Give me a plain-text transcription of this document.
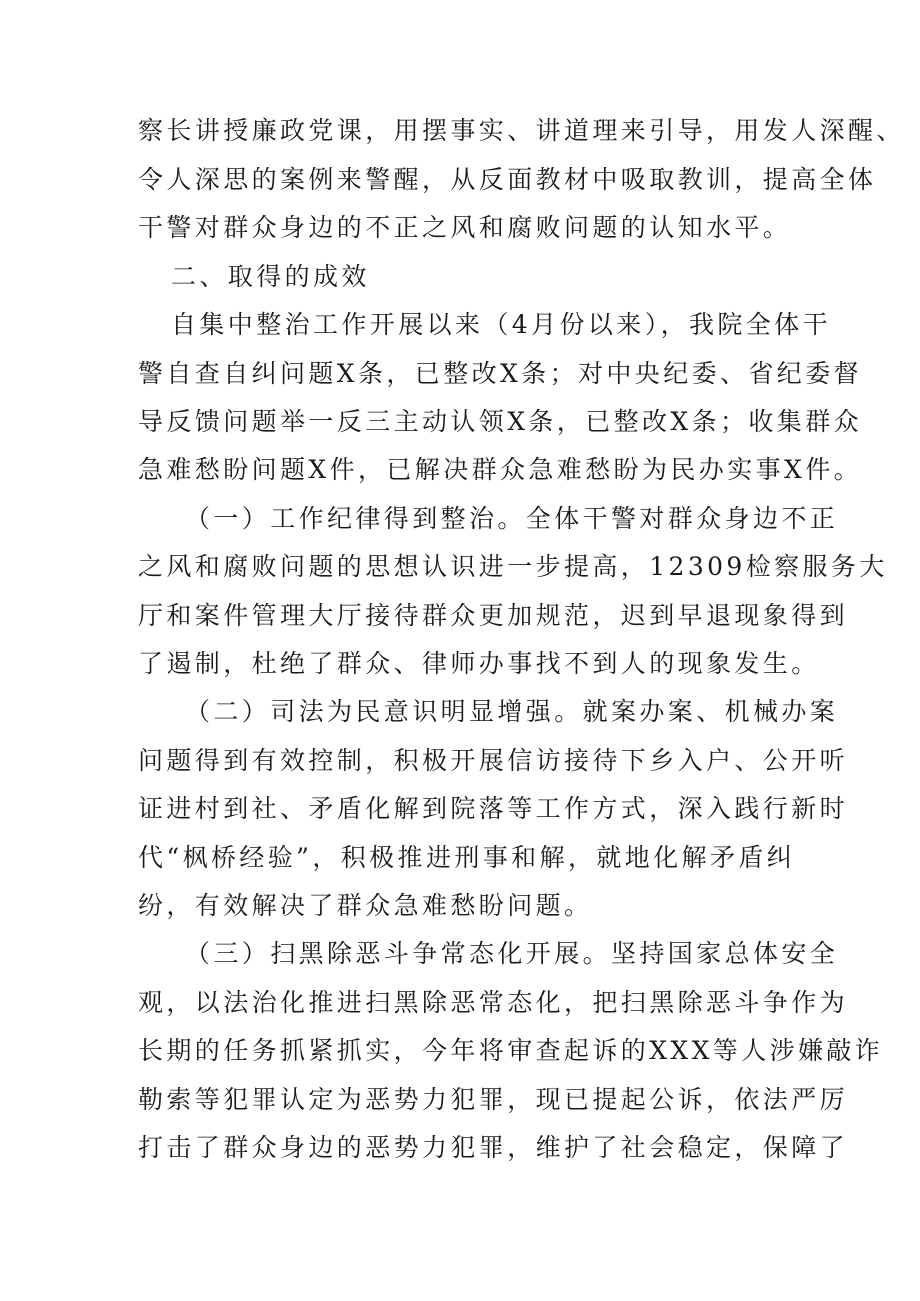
察长讲授廉政党课，用摆事实、讲道理来引导，用发人深醒、
令人深思的案例来警醒，从反面教材中吸取教训，提高全体
干警对群众身边的不正之风和腐败问题的认知水平。
二、取得的成效
自集中整治工作开展以来（4月份以来），我院全体干
警自查自纠问题X条，已整改X条；对中央纪委、省纪委督
导反馈问题举一反三主动认领X条，已整改X条；收集群众
急难愁盼问题X件，已解决群众急难愁盼为民办实事X件。
（一）工作纪律得到整治。全体干警对群众身边不正
之风和腐败问题的思想认识进一步提高，12309检察服务大
厅和案件管理大厅接待群众更加规范，迟到早退现象得到
了遏制，杜绝了群众、律师办事找不到人的现象发生。
（二）司法为民意识明显增强。就案办案、机械办案
问题得到有效控制，积极开展信访接待下乡入户、公开听
证进村到社、矛盾化解到院落等工作方式，深入践行新时
代“枫桥经验”，积极推进刑事和解，就地化解矛盾纠
纷，有效解决了群众急难愁盼问题。
（三）扫黑除恶斗争常态化开展。坚持国家总体安全
观，以法治化推进扫黑除恶常态化，把扫黑除恶斗争作为
长期的任务抓紧抓实，今年将审查起诉的XXX等人涉嫌敲诈
勒索等犯罪认定为恶势力犯罪，现已提起公诉，依法严厉
打击了群众身边的恶势力犯罪，维护了社会稳定，保障了
